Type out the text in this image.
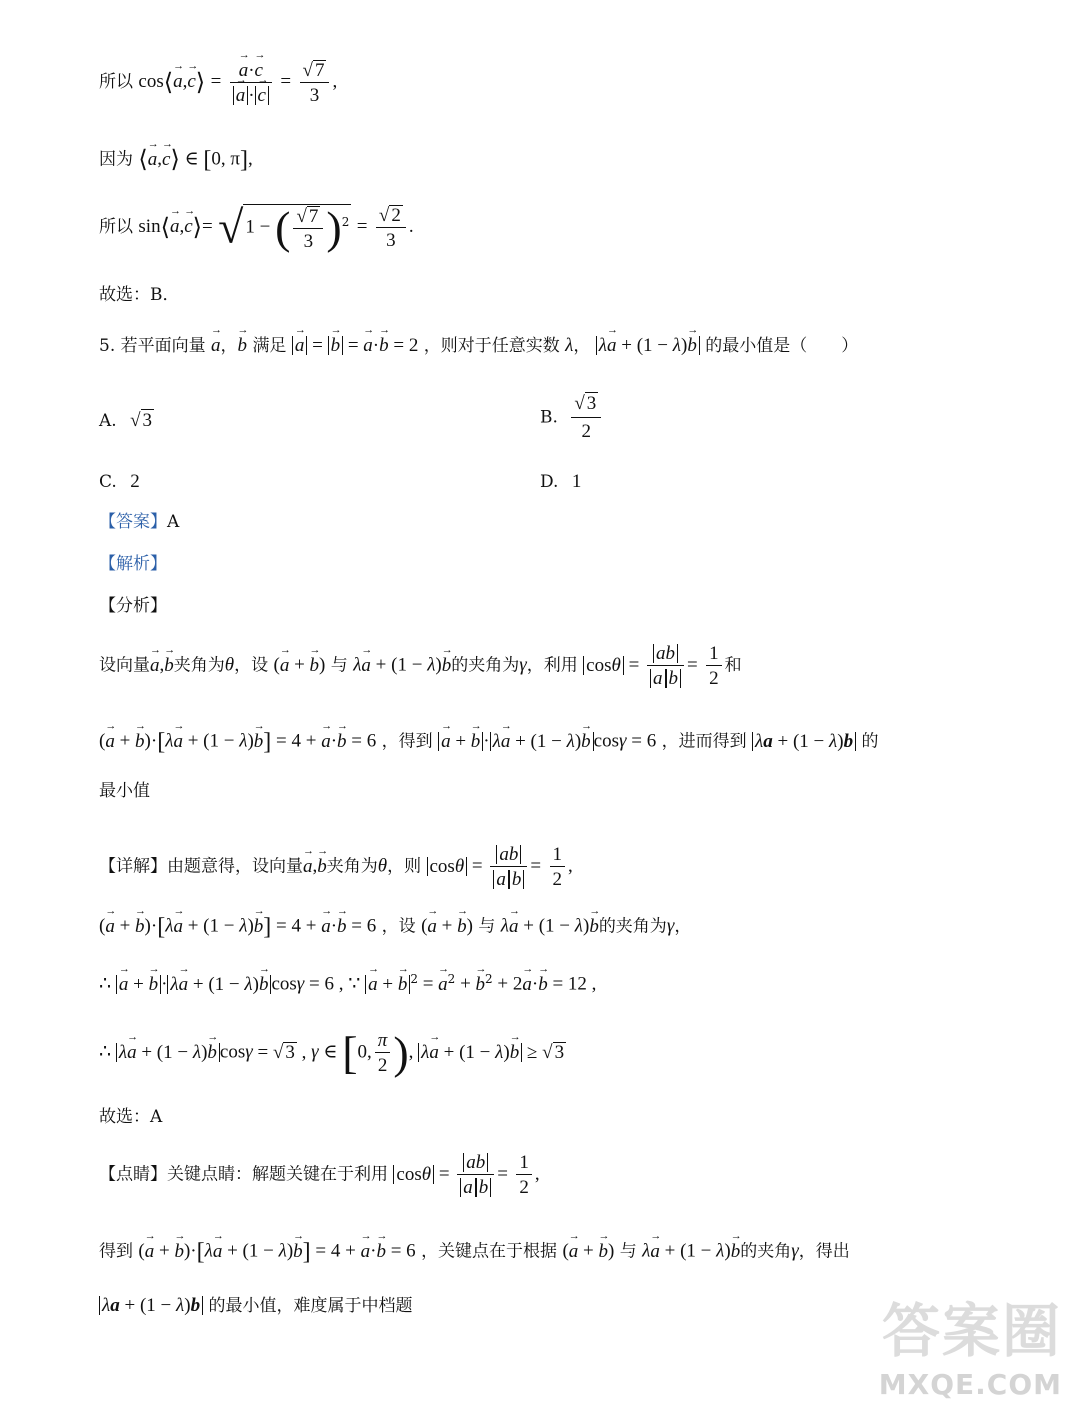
所以 cos⟨→ a,→ c⟩ =
→ a·→ c
→ $a \cdot\to c = \frac{√ 7}{3}$ ,
因为 ⟨→ a,→ c⟩ ∈ [0, π],
所以 sin⟨→ a,→ c⟩= √ 1 − ( $\frac{√ 7}{3} )^2 = \frac{√ 2}{3}$ .
故选：B．
5. 若平面向量 → a，→ b 满足 → a = → b = → a·→ b = 2 ，则对于任意实数 λ， λ→ a + (1 − λ)→ b 的最小值是（　　）
A. √ 3	B. $\frac{√ 3}{2}$
C. 2	D. 1
【答案】A
【解析】
【分析】
设向量→ a,→ b夹角为θ，设 (→ a + → b) 与 λ→ a + (1 − λ)→ b的夹角为γ，利用 $\cos\theta = \frac{ab}{\text{a b}} = \frac{1}{2}$ 和
(→ a + → b)·[λ→ a + (1 − λ)→ b] = 4 + → a·→ b = 6 ，得到 → a + → b · λ→ a + (1 − λ)→ b cosγ = 6 ，进而得到 λa + (1 − λ)b 的
最小值
【详解】由题意得，设向量→ a,→ b夹角为θ，则 $\cos\theta = \frac{ab}{\text{a b}} = \frac{1}{2}$ ,
(→ a + → b)·[λ→ a + (1 − λ)→ b] = 4 + → a·→ b = 6 ，设 (→ a + → b) 与 λ→ a + (1 − λ)→ b的夹角为γ，
∴ → a + → b · λ→ a + (1 − λ)→ b cosγ = 6 , ∵ → a + → b $^2$ = → $a^2$ + → $b^2 + 2\to a\cdot\to b = 12$ ,
∴ λ→ a + (1 − λ)→ b cosγ = √ 3 , γ ∈ [0, $\frac{\pi}{2}$ ), λ→ a + (1 − λ)→ b ≥ √ 3
故选：A
【点睛】关键点睛：解题关键在于利用 $\cos\theta = \frac{ab}{\text{a b}} = \frac{1}{2}$ ,
得到 (→ a + → b)·[λ→ a + (1 − λ)→ b] = 4 + → a·→ b = 6 ，关键点在于根据 (→ a + → b) 与 λ→ a + (1 − λ)→ b的夹角γ，得出
λa + (1 − λ)b 的最小值，难度属于中档题	答案圈
MXQE.COM
